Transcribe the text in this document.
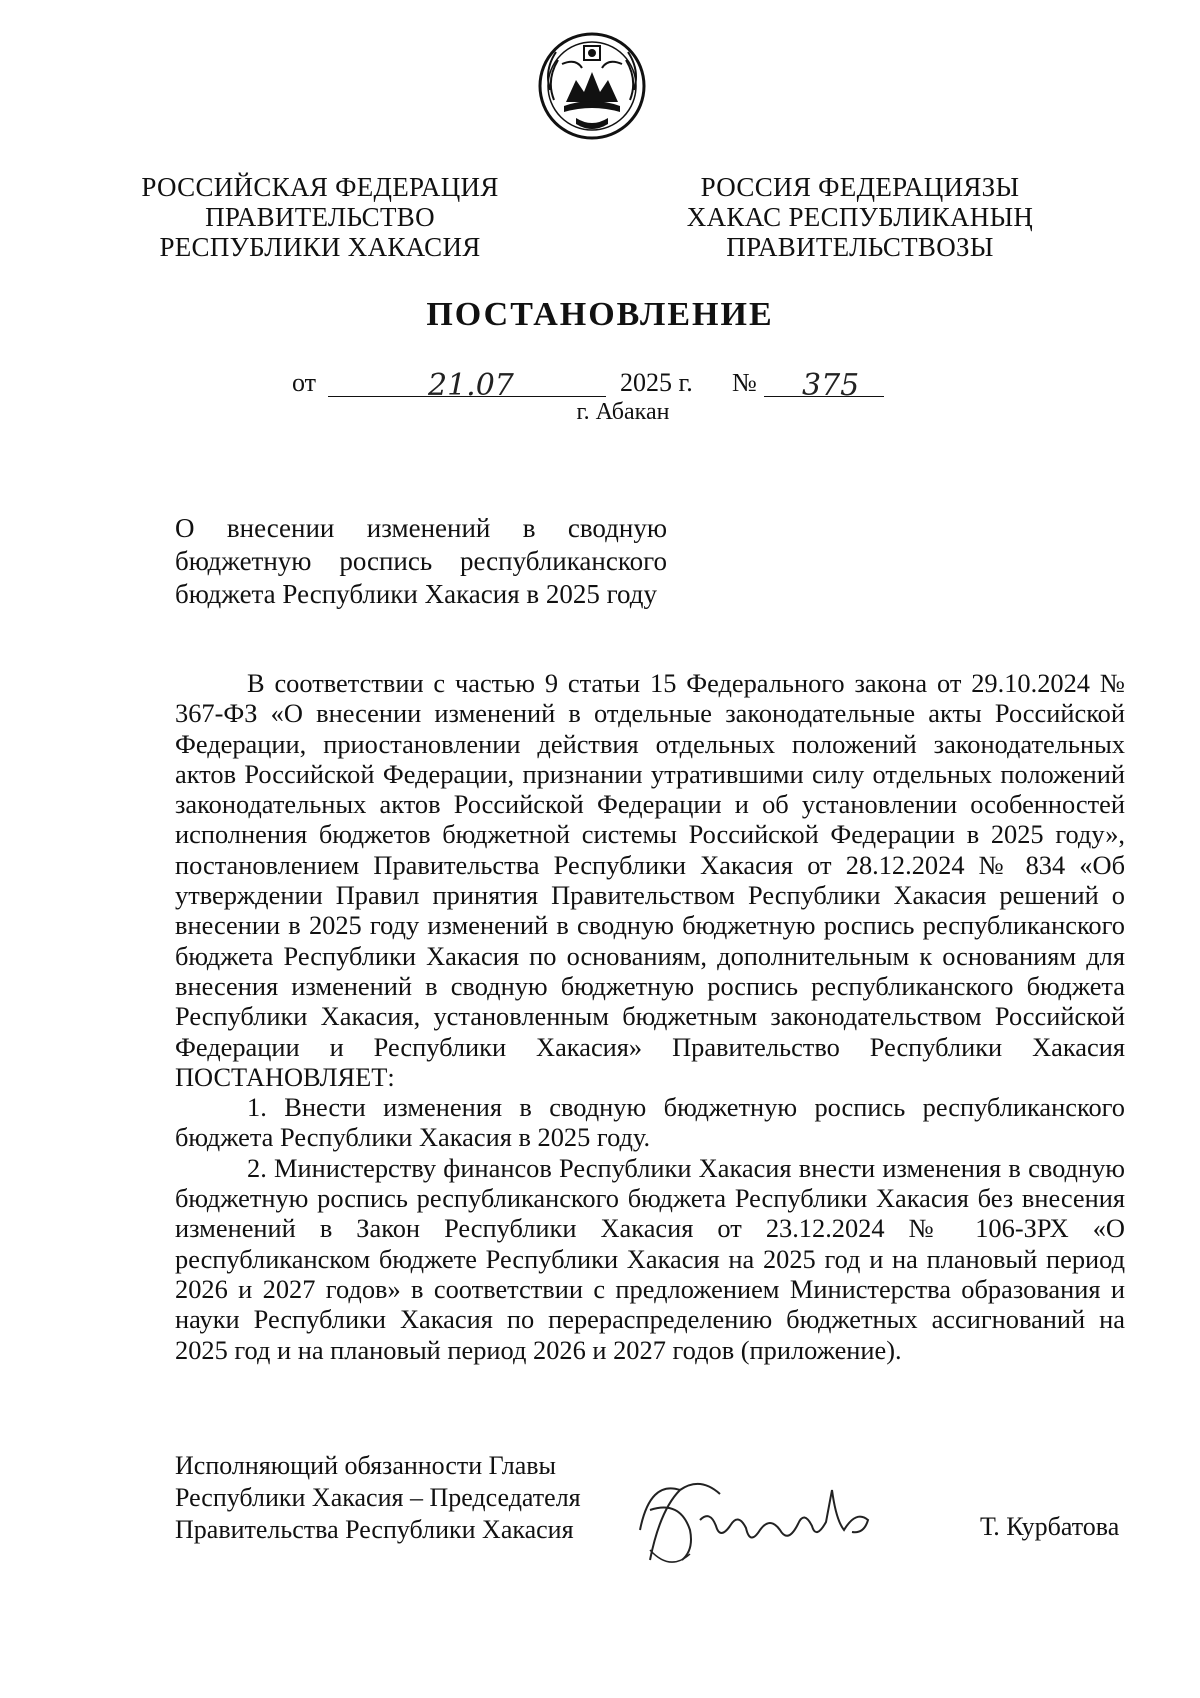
РОССИЙСКАЯ ФЕДЕРАЦИЯ
ПРАВИТЕЛЬСТВО
РЕСПУБЛИКИ ХАКАСИЯ
РОССИЯ ФЕДЕРАЦИЯЗЫ
ХАКАС РЕСПУБЛИКАНЫҢ
ПРАВИТЕЛЬСТВОЗЫ
ПОСТАНОВЛЕНИЕ
от	21.07	2025 г. № 375
г. Абакан

О внесении изменений в сводную бюджетную роспись республиканского бюджета Республики Хакасия в 2025 году

В соответствии с частью 9 статьи 15 Федерального закона от 29.10.2024 № 367-ФЗ «О внесении изменений в отдельные законодательные акты Российской Федерации, приостановлении действия отдельных положений законодательных актов Российской Федерации, признании утратившими силу отдельных положений законодательных актов Российской Федерации и об установлении особенностей исполнения бюджетов бюджетной системы Российской Федерации в 2025 году», постановлением Правительства Республики Хакасия от 28.12.2024 № 834 «Об утверждении Правил принятия Правительством Республики Хакасия решений о внесении в 2025 году изменений в сводную бюджетную роспись республиканского бюджета Республики Хакасия по основаниям, дополнительным к основаниям для внесения изменений в сводную бюджетную роспись республиканского бюджета Республики Хакасия, установленным бюджетным законодательством Российской Федерации и Республики Хакасия» Правительство Республики Хакасия ПОСТАНОВЛЯЕТ:

1. Внести изменения в сводную бюджетную роспись республиканского бюджета Республики Хакасия в 2025 году.

2. Министерству финансов Республики Хакасия внести изменения в сводную бюджетную роспись республиканского бюджета Республики Хакасия без внесения изменений в Закон Республики Хакасия от 23.12.2024 № 106-ЗРХ «О республиканском бюджете Республики Хакасия на 2025 год и на плановый период 2026 и 2027 годов» в соответствии с предложением Министерства образования и науки Республики Хакасия по перераспределению бюджетных ассигнований на 2025 год и на плановый период 2026 и 2027 годов (приложение).

Исполняющий обязанности Главы
Республики Хакасия – Председателя
Правительства Республики Хакасия	Т. Курбатова
